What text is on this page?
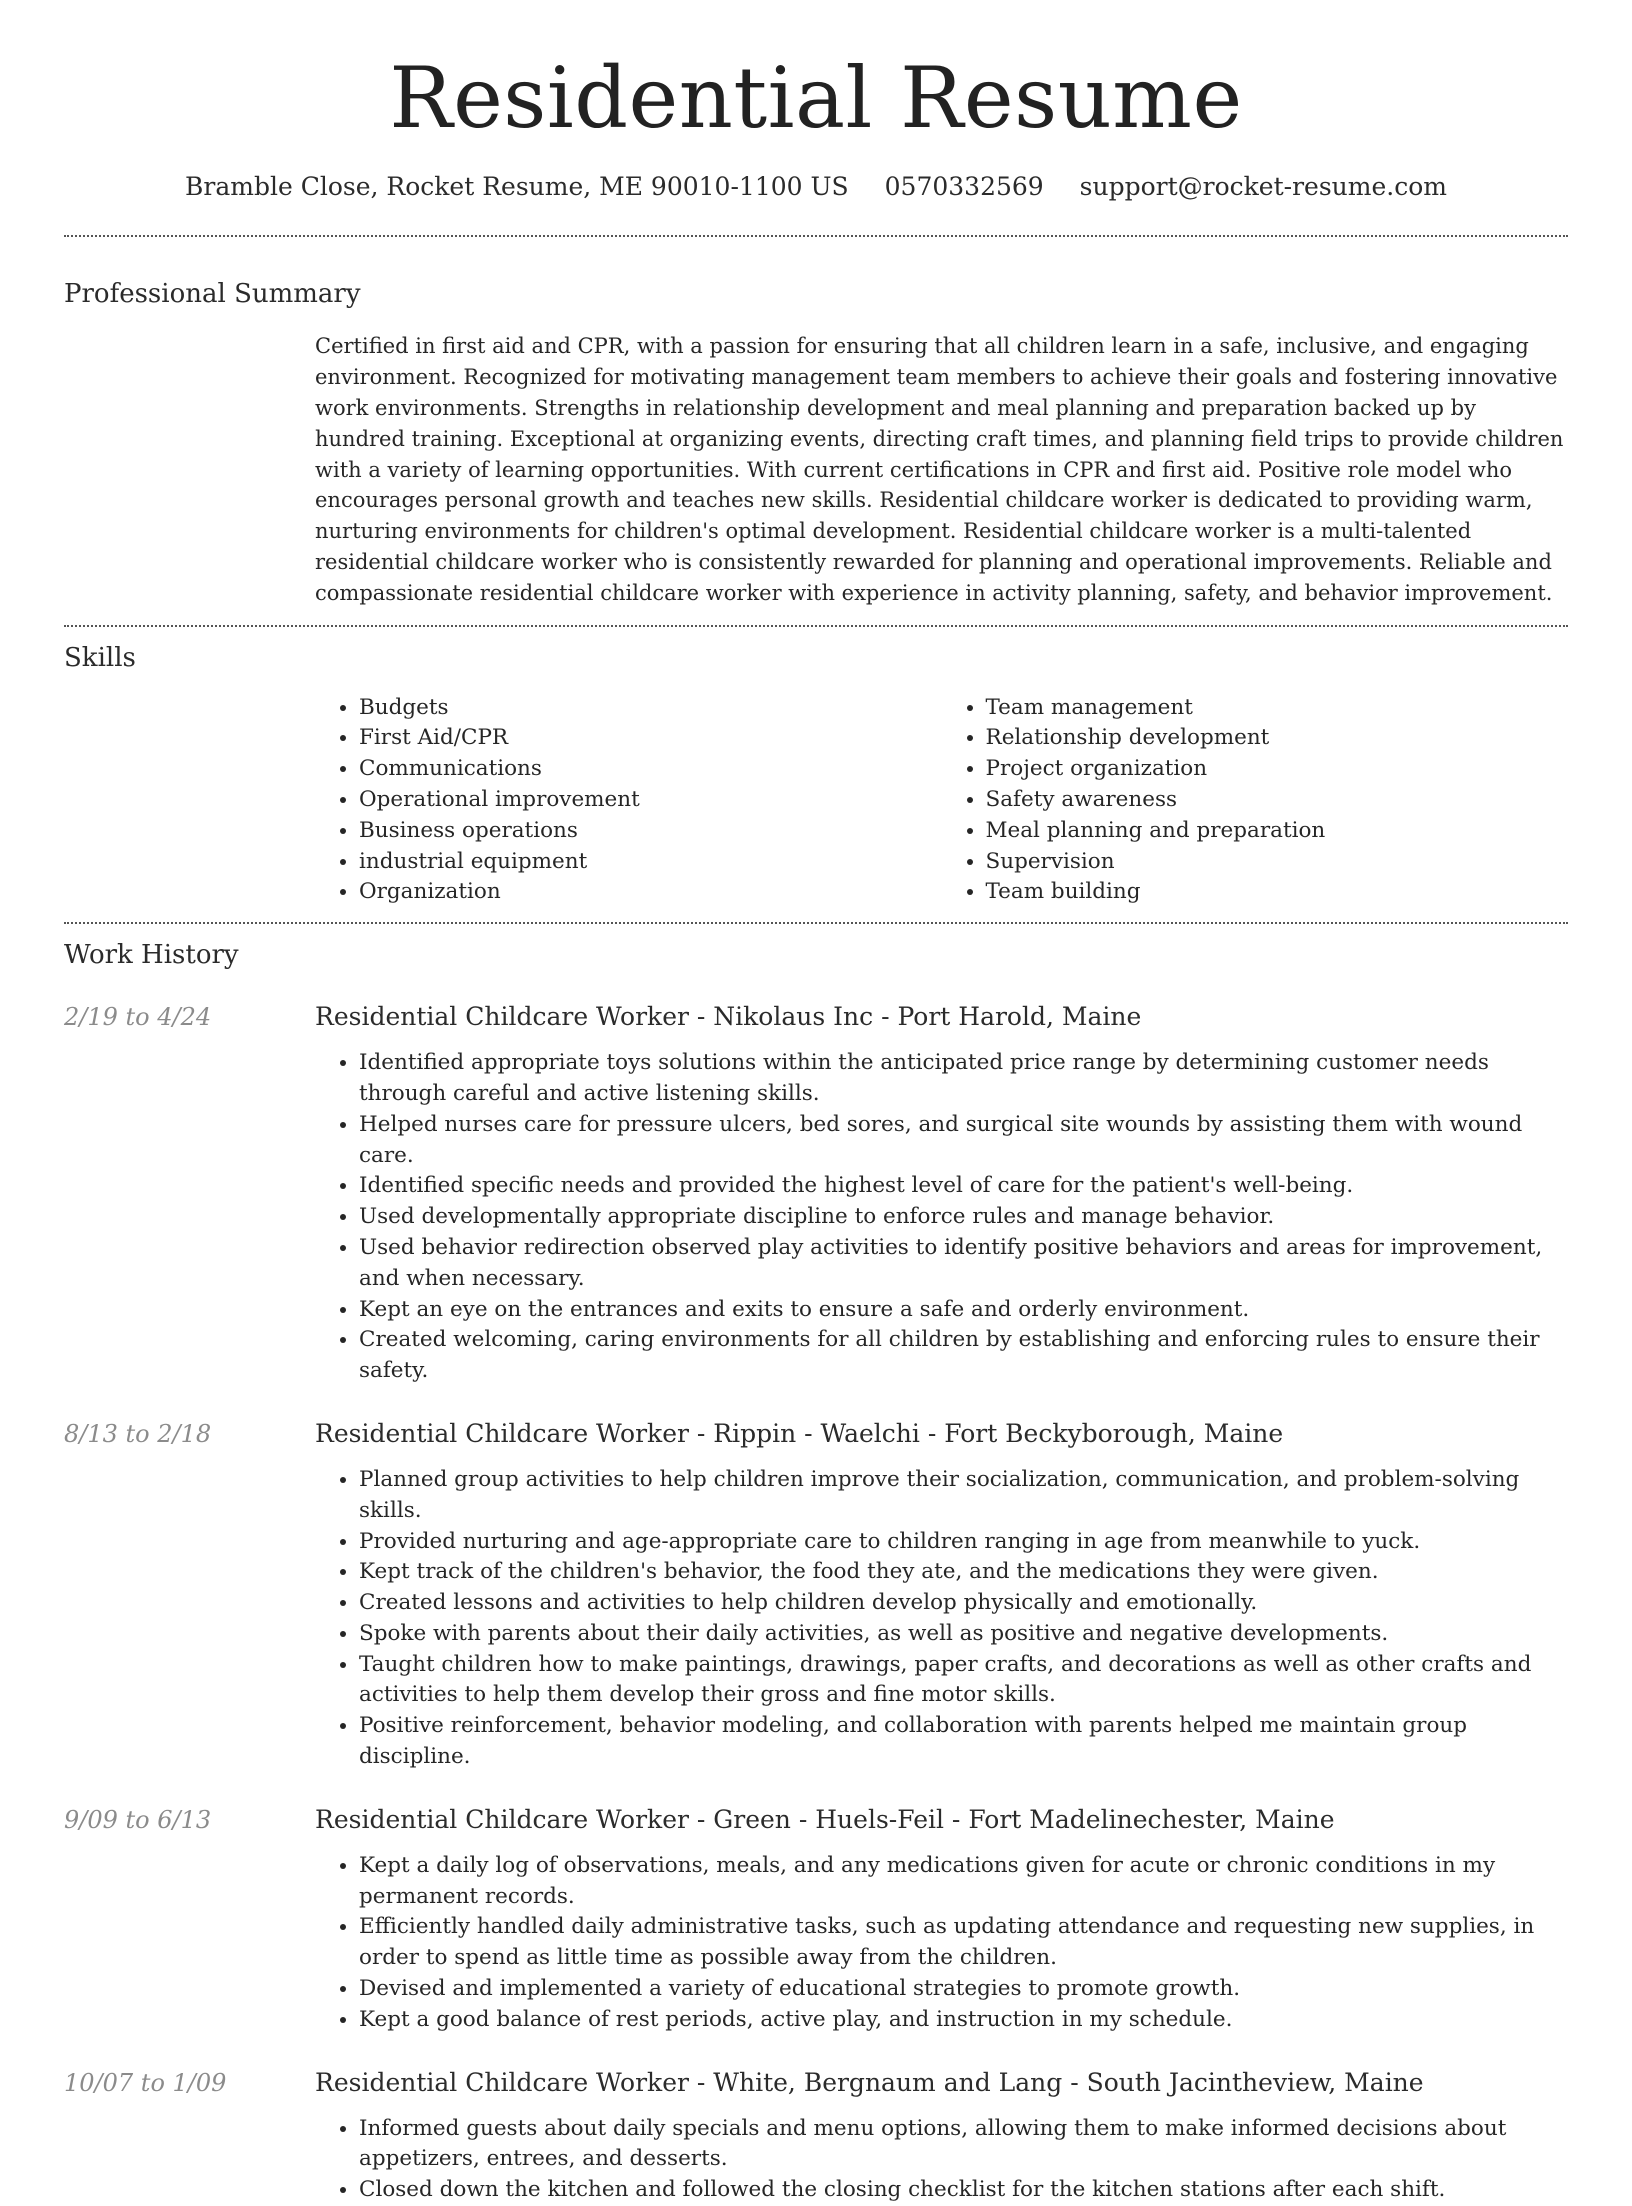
Residential Resume
Bramble Close, Rocket Resume, ME 90010-1100 US 0570332569 support@rocket-resume.com
Professional Summary
Certified in first aid and CPR, with a passion for ensuring that all children learn in a safe, inclusive, and engaging environment. Recognized for motivating management team members to achieve their goals and fostering innovative work environments. Strengths in relationship development and meal planning and preparation backed up by hundred training. Exceptional at organizing events, directing craft times, and planning field trips to provide children with a variety of learning opportunities. With current certifications in CPR and first aid. Positive role model who encourages personal growth and teaches new skills. Residential childcare worker is dedicated to providing warm, nurturing environments for children's optimal development. Residential childcare worker is a multi-talented residential childcare worker who is consistently rewarded for planning and operational improvements. Reliable and compassionate residential childcare worker with experience in activity planning, safety, and behavior improvement.
Skills
• Budgets
• First Aid/CPR
• Communications
• Operational improvement
• Business operations
• industrial equipment
• Organization
• Team management
• Relationship development
• Project organization
• Safety awareness
• Meal planning and preparation
• Supervision
• Team building
Work History
2/19 to 4/24	Residential Childcare Worker - Nikolaus Inc - Port Harold, Maine
• Identified appropriate toys solutions within the anticipated price range by determining customer needs through careful and active listening skills.
• Helped nurses care for pressure ulcers, bed sores, and surgical site wounds by assisting them with wound care.
• Identified specific needs and provided the highest level of care for the patient's well-being.
• Used developmentally appropriate discipline to enforce rules and manage behavior.
• Used behavior redirection observed play activities to identify positive behaviors and areas for improvement, and when necessary.
• Kept an eye on the entrances and exits to ensure a safe and orderly environment.
• Created welcoming, caring environments for all children by establishing and enforcing rules to ensure their safety.
8/13 to 2/18	Residential Childcare Worker - Rippin - Waelchi - Fort Beckyborough, Maine
• Planned group activities to help children improve their socialization, communication, and problem-solving skills.
• Provided nurturing and age-appropriate care to children ranging in age from meanwhile to yuck.
• Kept track of the children's behavior, the food they ate, and the medications they were given.
• Created lessons and activities to help children develop physically and emotionally.
• Spoke with parents about their daily activities, as well as positive and negative developments.
• Taught children how to make paintings, drawings, paper crafts, and decorations as well as other crafts and activities to help them develop their gross and fine motor skills.
• Positive reinforcement, behavior modeling, and collaboration with parents helped me maintain group discipline.
9/09 to 6/13	Residential Childcare Worker - Green - Huels-Feil - Fort Madelinechester, Maine
• Kept a daily log of observations, meals, and any medications given for acute or chronic conditions in my permanent records.
• Efficiently handled daily administrative tasks, such as updating attendance and requesting new supplies, in order to spend as little time as possible away from the children.
• Devised and implemented a variety of educational strategies to promote growth.
• Kept a good balance of rest periods, active play, and instruction in my schedule.
10/07 to 1/09	Residential Childcare Worker - White, Bergnaum and Lang - South Jacintheview, Maine
• Informed guests about daily specials and menu options, allowing them to make informed decisions about appetizers, entrees, and desserts.
• Closed down the kitchen and followed the closing checklist for the kitchen stations after each shift.
